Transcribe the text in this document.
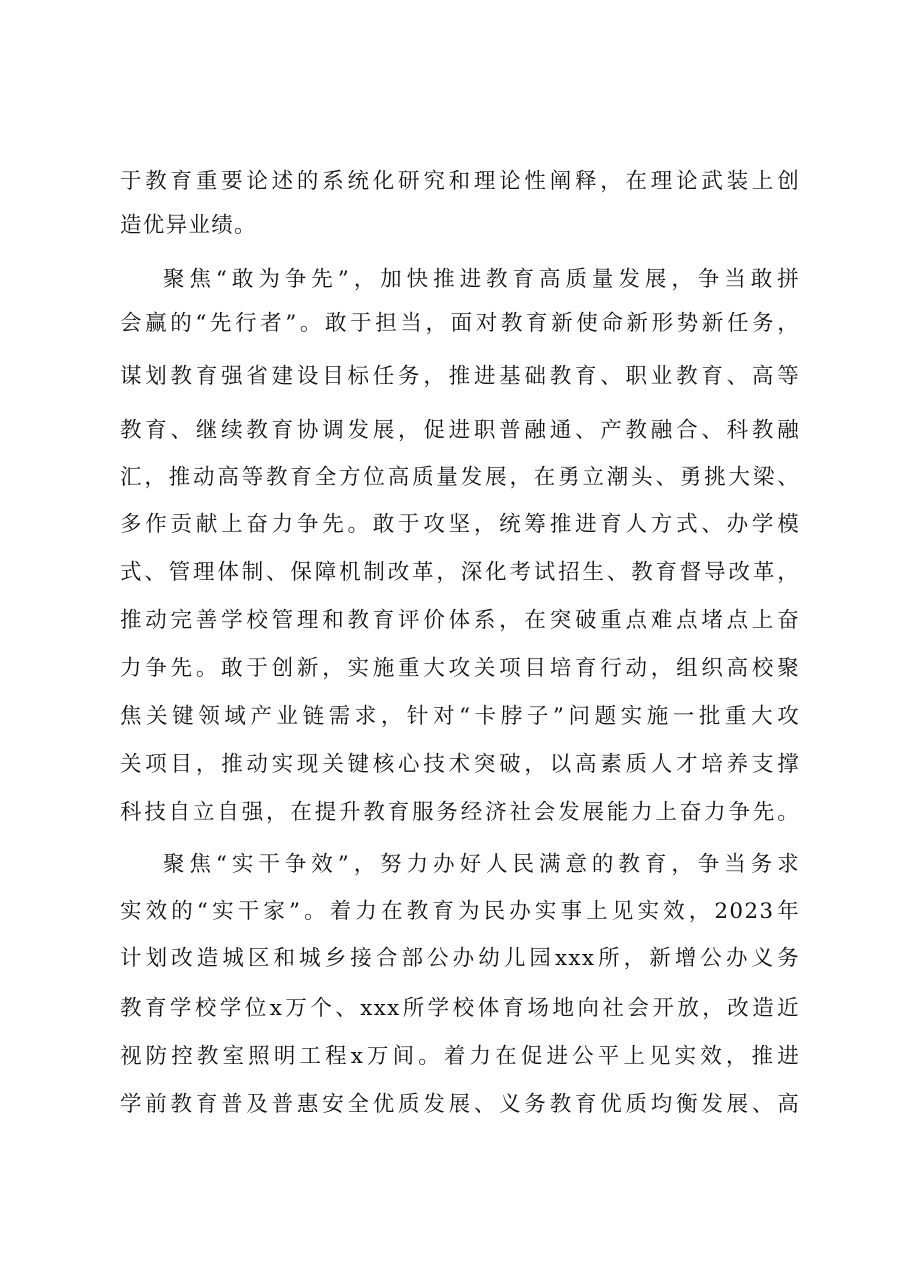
于教育重要论述的系统化研究和理论性阐释，在理论武装上创
造优异业绩。
聚焦“敢为争先”，加快推进教育高质量发展，争当敢拼
会赢的“先行者”。敢于担当，面对教育新使命新形势新任务，
谋划教育强省建设目标任务，推进基础教育、职业教育、高等
教育、继续教育协调发展，促进职普融通、产教融合、科教融
汇，推动高等教育全方位高质量发展，在勇立潮头、勇挑大梁、
多作贡献上奋力争先。敢于攻坚，统筹推进育人方式、办学模
式、管理体制、保障机制改革，深化考试招生、教育督导改革，
推动完善学校管理和教育评价体系，在突破重点难点堵点上奋
力争先。敢于创新，实施重大攻关项目培育行动，组织高校聚
焦关键领域产业链需求，针对“卡脖子”问题实施一批重大攻
关项目，推动实现关键核心技术突破，以高素质人才培养支撑
科技自立自强，在提升教育服务经济社会发展能力上奋力争先。
聚焦“实干争效”，努力办好人民满意的教育，争当务求
实效的“实干家”。着力在教育为民办实事上见实效，2023年
计划改造城区和城乡接合部公办幼儿园xxx所，新增公办义务
教育学校学位x万个、xxx所学校体育场地向社会开放，改造近
视防控教室照明工程x万间。着力在促进公平上见实效，推进
学前教育普及普惠安全优质发展、义务教育优质均衡发展、高
